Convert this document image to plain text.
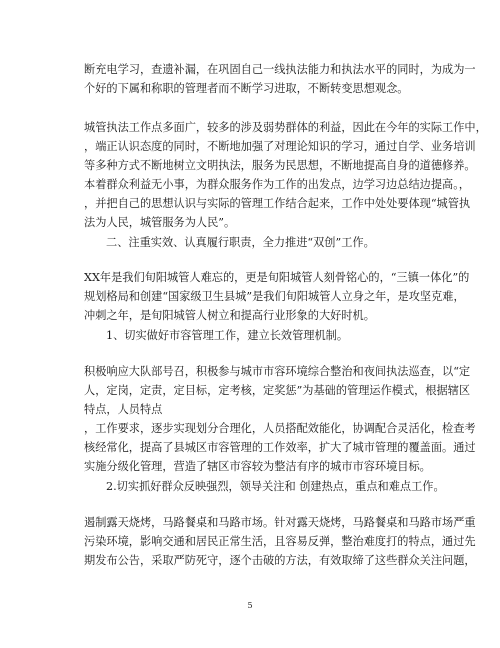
断充电学习，查遗补漏，在巩固自己一线执法能力和执法水平的同时，为成为一
个好的下属和称职的管理者而不断学习进取，不断转变思想观念。
城管执法工作点多面广，较多的涉及弱势群体的利益，因此在今年的实际工作中，
，端正认识态度的同时，不断地加强了对理论知识的学习，通过自学、业务培训
等多种方式不断地树立文明执法，服务为民思想，不断地提高自身的道德修养。
本着群众利益无小事，为群众服务作为工作的出发点，边学习边总结边提高。，
，并把自己的思想认识与实际的管理工作结合起来，工作中处处要体现“城管执
法为人民，城管服务为人民”。
二、注重实效、认真履行职责，全力推进“双创”工作。
XX年是我们旬阳城管人难忘的，更是旬阳城管人刻骨铭心的，“三镇一体化”的
规划格局和创建“国家级卫生县城”是我们旬阳城管人立身之年，是攻坚克难，
冲刺之年，是旬阳城管人树立和提高行业形象的大好时机。
1、切实做好市容管理工作，建立长效管理机制。
积极响应大队部号召，积极参与城市市容环境综合整治和夜间执法巡查，以“定
人，定岗，定责，定目标，定考核，定奖惩”为基础的管理运作模式，根据辖区
特点，人员特点
，工作要求，逐步实现划分合理化，人员搭配效能化，协调配合灵活化，检查考
核经常化，提高了县城区市容管理的工作效率，扩大了城市管理的覆盖面。通过
实施分级化管理，营造了辖区市容较为整洁有序的城市市容环境目标。
2.切实抓好群众反映强烈，领导关注和 创建热点，重点和难点工作。
遏制露天烧烤，马路餐桌和马路市场。针对露天烧烤，马路餐桌和马路市场严重
污染环境，影响交通和居民正常生活，且容易反弹，整治难度打的特点，通过先
期发布公告，采取严防死守，逐个击破的方法，有效取缔了这些群众关注问题，
5
